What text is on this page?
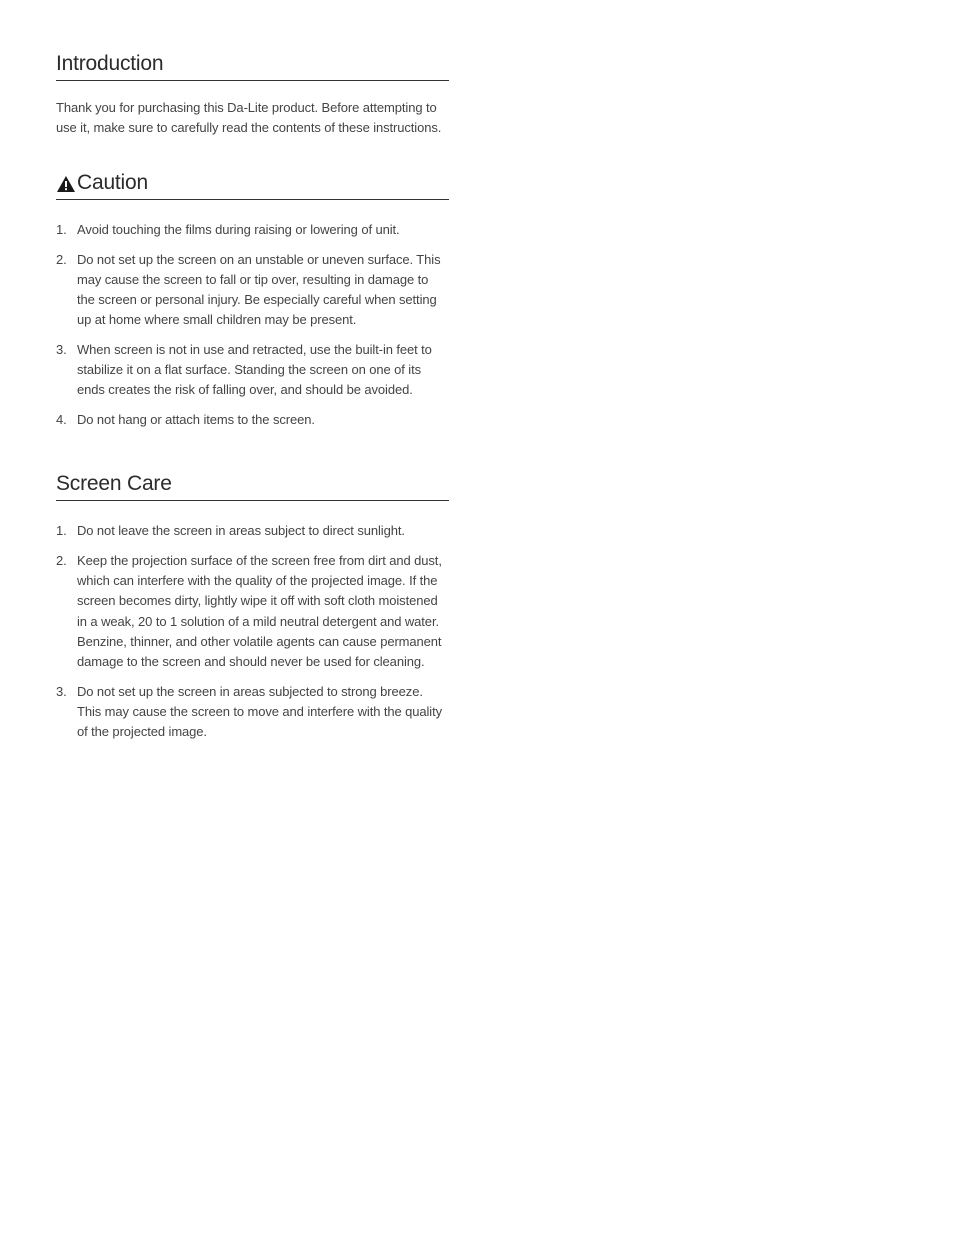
Introduction

Thank you for purchasing this Da-Lite product. Before attempting to use it, make sure to carefully read the contents of these instructions.

Caution
1. Avoid touching the films during raising or lowering of unit.
2. Do not set up the screen on an unstable or uneven surface. This may cause the screen to fall or tip over, resulting in damage to the screen or personal injury. Be especially careful when setting up at home where small children may be present.
3. When screen is not in use and retracted, use the built-in feet to stabilize it on a flat surface. Standing the screen on one of its ends creates the risk of falling over, and should be avoided.
4. Do not hang or attach items to the screen.
Screen Care
1. Do not leave the screen in areas subject to direct sunlight.
2. Keep the projection surface of the screen free from dirt and dust, which can interfere with the quality of the projected image. If the screen becomes dirty, lightly wipe it off with soft cloth moistened in a weak, 20 to 1 solution of a mild neutral detergent and water. Benzine, thinner, and other volatile agents can cause permanent damage to the screen and should never be used for cleaning.
3. Do not set up the screen in areas subjected to strong breeze. This may cause the screen to move and interfere with the quality of the projected image.
